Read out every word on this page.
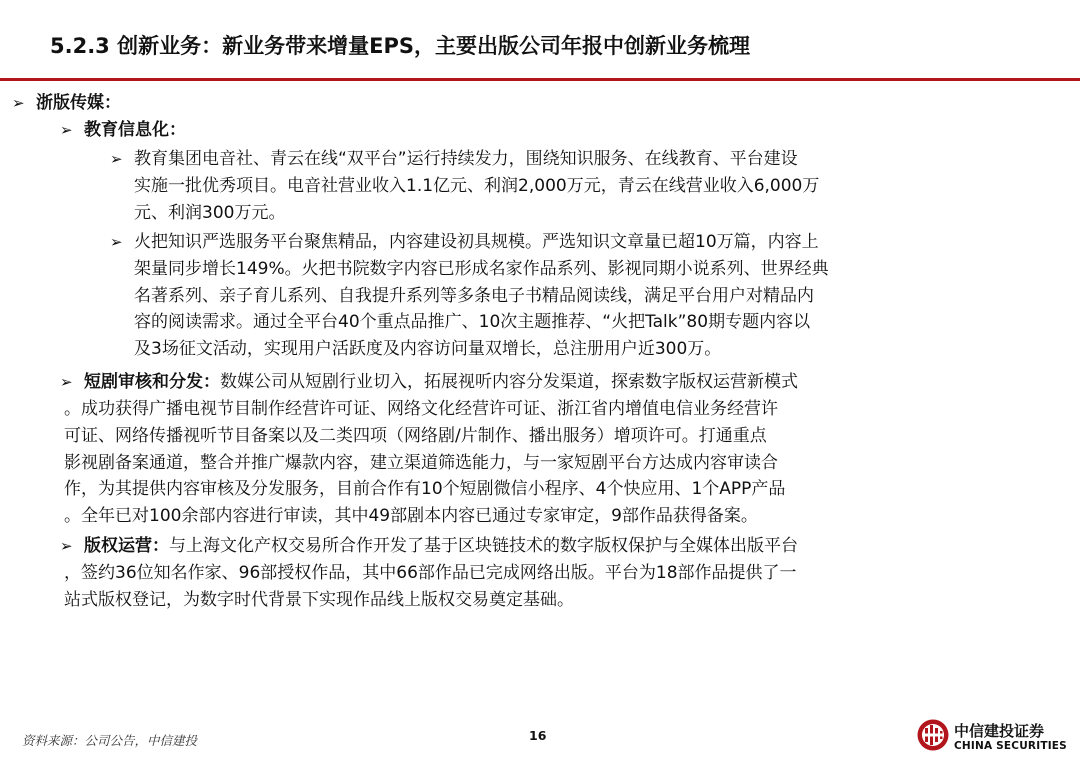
5.2.3 创新业务：新业务带来增量EPS，主要出版公司年报中创新业务梳理
➢ 浙版传媒：
➢ 教育信息化：
➢ 教育集团电音社、青云在线“双平台”运行持续发力，围绕知识服务、在线教育、平台建设
实施一批优秀项目。电音社营业收入1.1亿元、利润2,000万元，青云在线营业收入6,000万
元、利润300万元。
➢ 火把知识严选服务平台聚焦精品，内容建设初具规模。严选知识文章量已超10万篇，内容上
架量同步增长149%。火把书院数字内容已形成名家作品系列、影视同期小说系列、世界经典
名著系列、亲子育儿系列、自我提升系列等多条电子书精品阅读线，满足平台用户对精品内
容的阅读需求。通过全平台40个重点品推广、10次主题推荐、“火把Talk”80期专题内容以
及3场征文活动，实现用户活跃度及内容访问量双增长，总注册用户近300万。
➢ 短剧审核和分发：数媒公司从短剧行业切入，拓展视听内容分发渠道，探索数字版权运营新模式
。成功获得广播电视节目制作经营许可证、网络文化经营许可证、浙江省内增值电信业务经营许
可证、网络传播视听节目备案以及二类四项（网络剧/片制作、播出服务）增项许可。打通重点
影视剧备案通道，整合并推广爆款内容，建立渠道筛选能力，与一家短剧平台方达成内容审读合
作，为其提供内容审核及分发服务，目前合作有10个短剧微信小程序、4个快应用、1个APP产品
。全年已对100余部内容进行审读，其中49部剧本内容已通过专家审定，9部作品获得备案。
➢ 版权运营：与上海文化产权交易所合作开发了基于区块链技术的数字版权保护与全媒体出版平台
，签约36位知名作家、96部授权作品，其中66部作品已完成网络出版。平台为18部作品提供了一
站式版权登记，为数字时代背景下实现作品线上版权交易奠定基础。
资料来源：公司公告，中信建投	16	中信建投证券
CHINA SECURITIES
